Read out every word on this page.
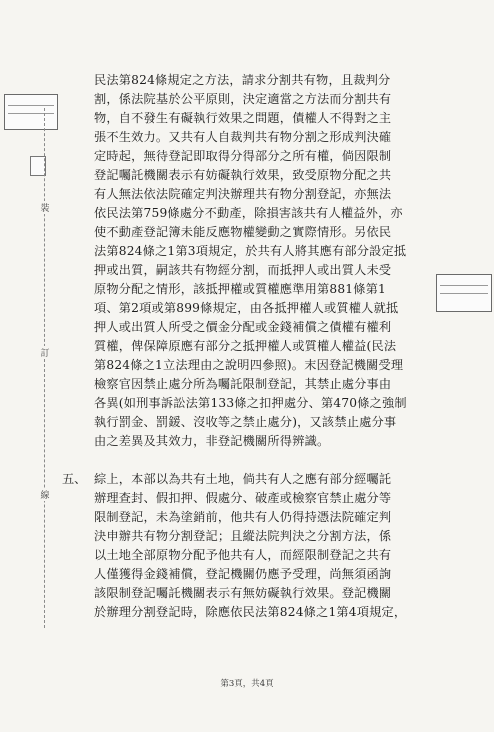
裝
訂
線
民法第824條規定之方法，請求分割共有物，且裁判分
割，係法院基於公平原則，決定適當之方法而分割共有
物，自不發生有礙執行效果之問題，債權人不得對之主
張不生效力。又共有人自裁判共有物分割之形成判決確
定時起，無待登記即取得分得部分之所有權，倘因限制
登記囑託機關表示有妨礙執行效果，致受原物分配之共
有人無法依法院確定判決辦理共有物分割登記，亦無法
依民法第759條處分不動產，除損害該共有人權益外，亦
使不動產登記簿未能反應物權變動之實際情形。另依民
法第824條之1第3項規定，於共有人將其應有部分設定抵
押或出質，嗣該共有物經分割，而抵押人或出質人未受
原物分配之情形，該抵押權或質權應準用第881條第1
項、第2項或第899條規定，由各抵押權人或質權人就抵
押人或出質人所受之價金分配或金錢補償之債權有權利
質權，俾保障原應有部分之抵押權人或質權人權益(民法
第824條之1立法理由之說明四參照)。末因登記機關受理
檢察官因禁止處分所為囑託限制登記，其禁止處分事由
各異(如刑事訴訟法第133條之扣押處分、第470條之強制
執行罰金、罰鍰、沒收等之禁止處分)，又該禁止處分事
由之差異及其效力，非登記機關所得辨識。
五、 綜上，本部以為共有土地，倘共有人之應有部分經囑託
辦理查封、假扣押、假處分、破產或檢察官禁止處分等
限制登記，未為塗銷前，他共有人仍得持憑法院確定判
決申辦共有物分割登記；且縱法院判決之分割方法，係
以土地全部原物分配予他共有人，而經限制登記之共有
人僅獲得金錢補償，登記機關仍應予受理，尚無須函詢
該限制登記囑託機關表示有無妨礙執行效果。登記機關
於辦理分割登記時，除應依民法第824條之1第4項規定，
第3頁，共4頁
